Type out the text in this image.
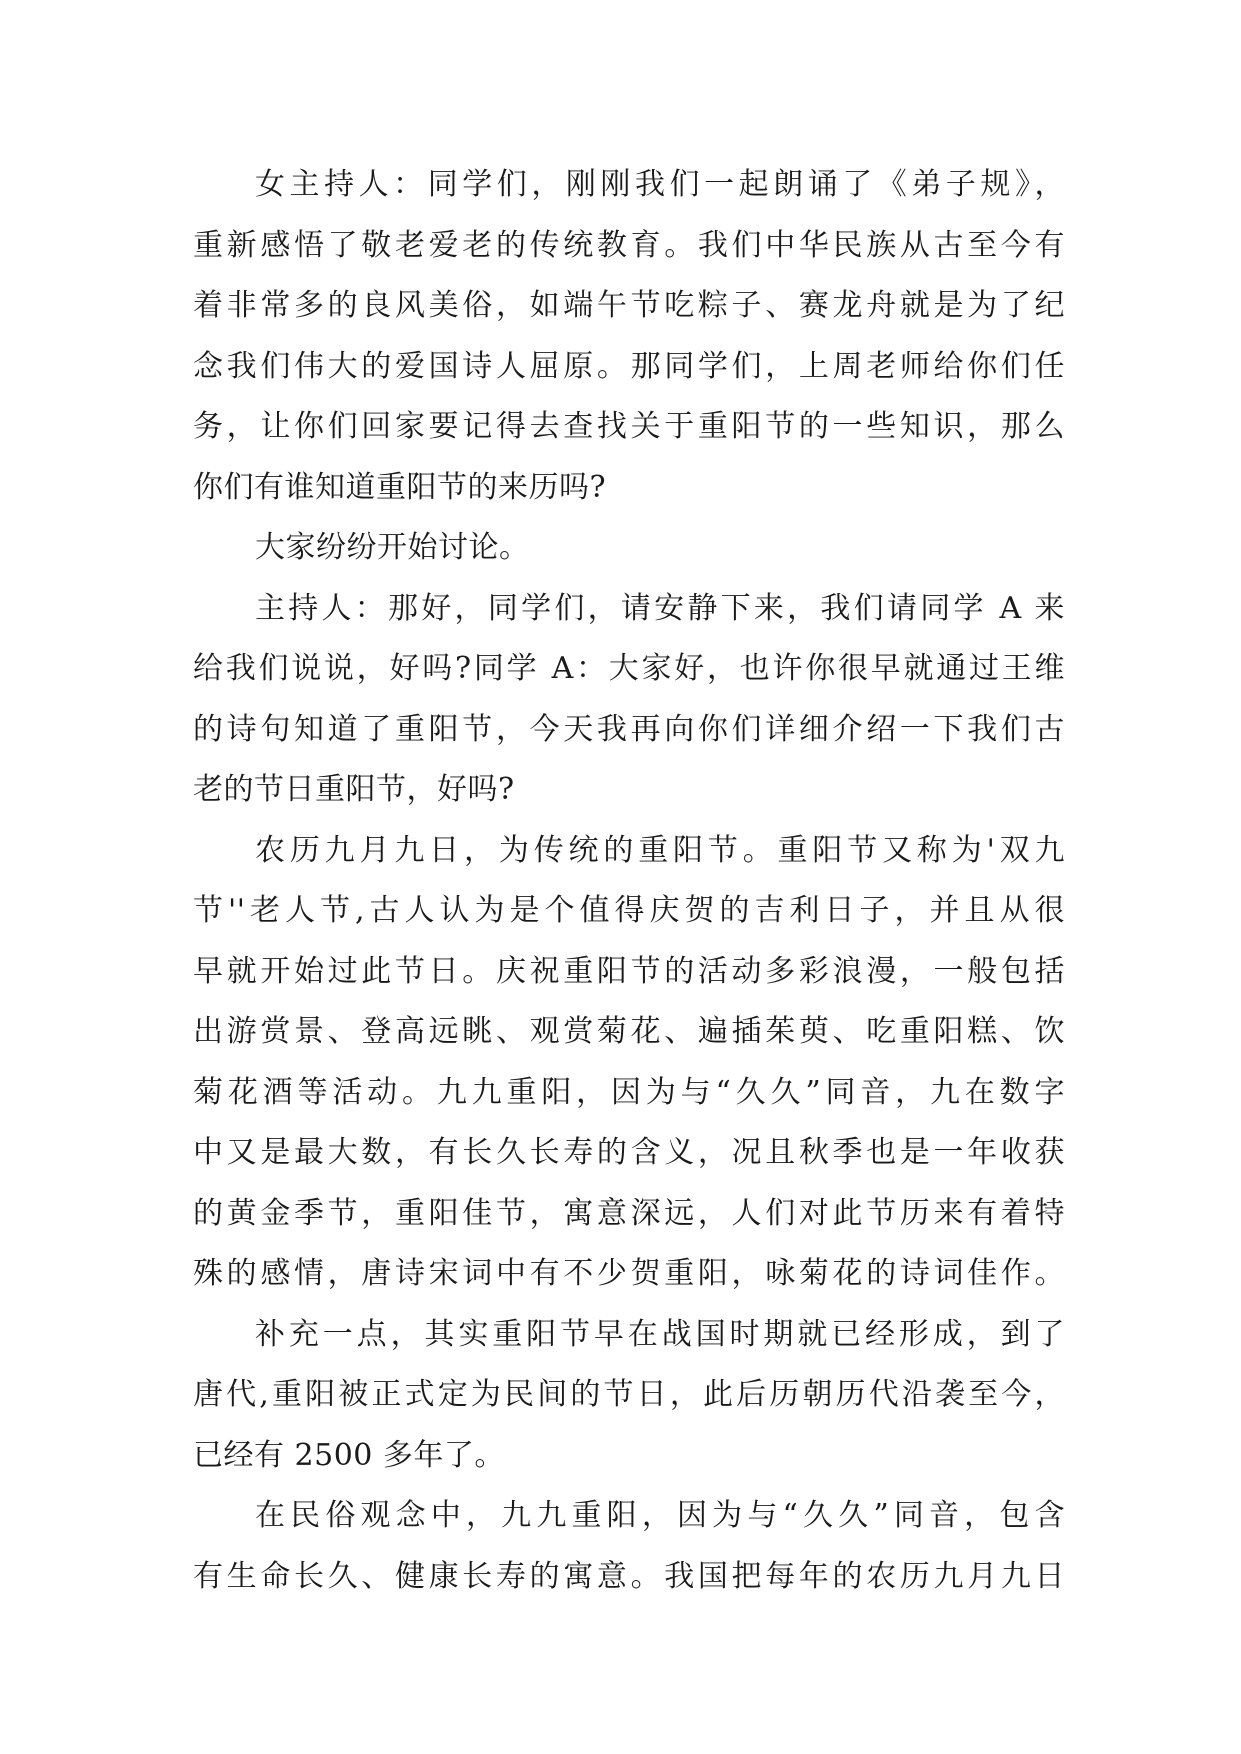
女主持人：同学们，刚刚我们一起朗诵了《弟子规》，
重新感悟了敬老爱老的传统教育。我们中华民族从古至今有
着非常多的良风美俗，如端午节吃粽子、赛龙舟就是为了纪
念我们伟大的爱国诗人屈原。那同学们，上周老师给你们任
务，让你们回家要记得去查找关于重阳节的一些知识，那么
你们有谁知道重阳节的来历吗?
大家纷纷开始讨论。
主持人：那好，同学们，请安静下来，我们请同学 A 来
给我们说说，好吗?同学 A：大家好，也许你很早就通过王维
的诗句知道了重阳节，今天我再向你们详细介绍一下我们古
老的节日重阳节，好吗?
农历九月九日，为传统的重阳节。重阳节又称为'双九
节''老人节,古人认为是个值得庆贺的吉利日子，并且从很
早就开始过此节日。庆祝重阳节的活动多彩浪漫，一般包括
出游赏景、登高远眺、观赏菊花、遍插茱萸、吃重阳糕、饮
菊花酒等活动。九九重阳，因为与“久久”同音，九在数字
中又是最大数，有长久长寿的含义，况且秋季也是一年收获
的黄金季节，重阳佳节，寓意深远，人们对此节历来有着特
殊的感情，唐诗宋词中有不少贺重阳，咏菊花的诗词佳作。
补充一点，其实重阳节早在战国时期就已经形成，到了
唐代,重阳被正式定为民间的节日，此后历朝历代沿袭至今，
已经有 2500 多年了。
在民俗观念中，九九重阳，因为与“久久”同音，包含
有生命长久、健康长寿的寓意。我国把每年的农历九月九日
